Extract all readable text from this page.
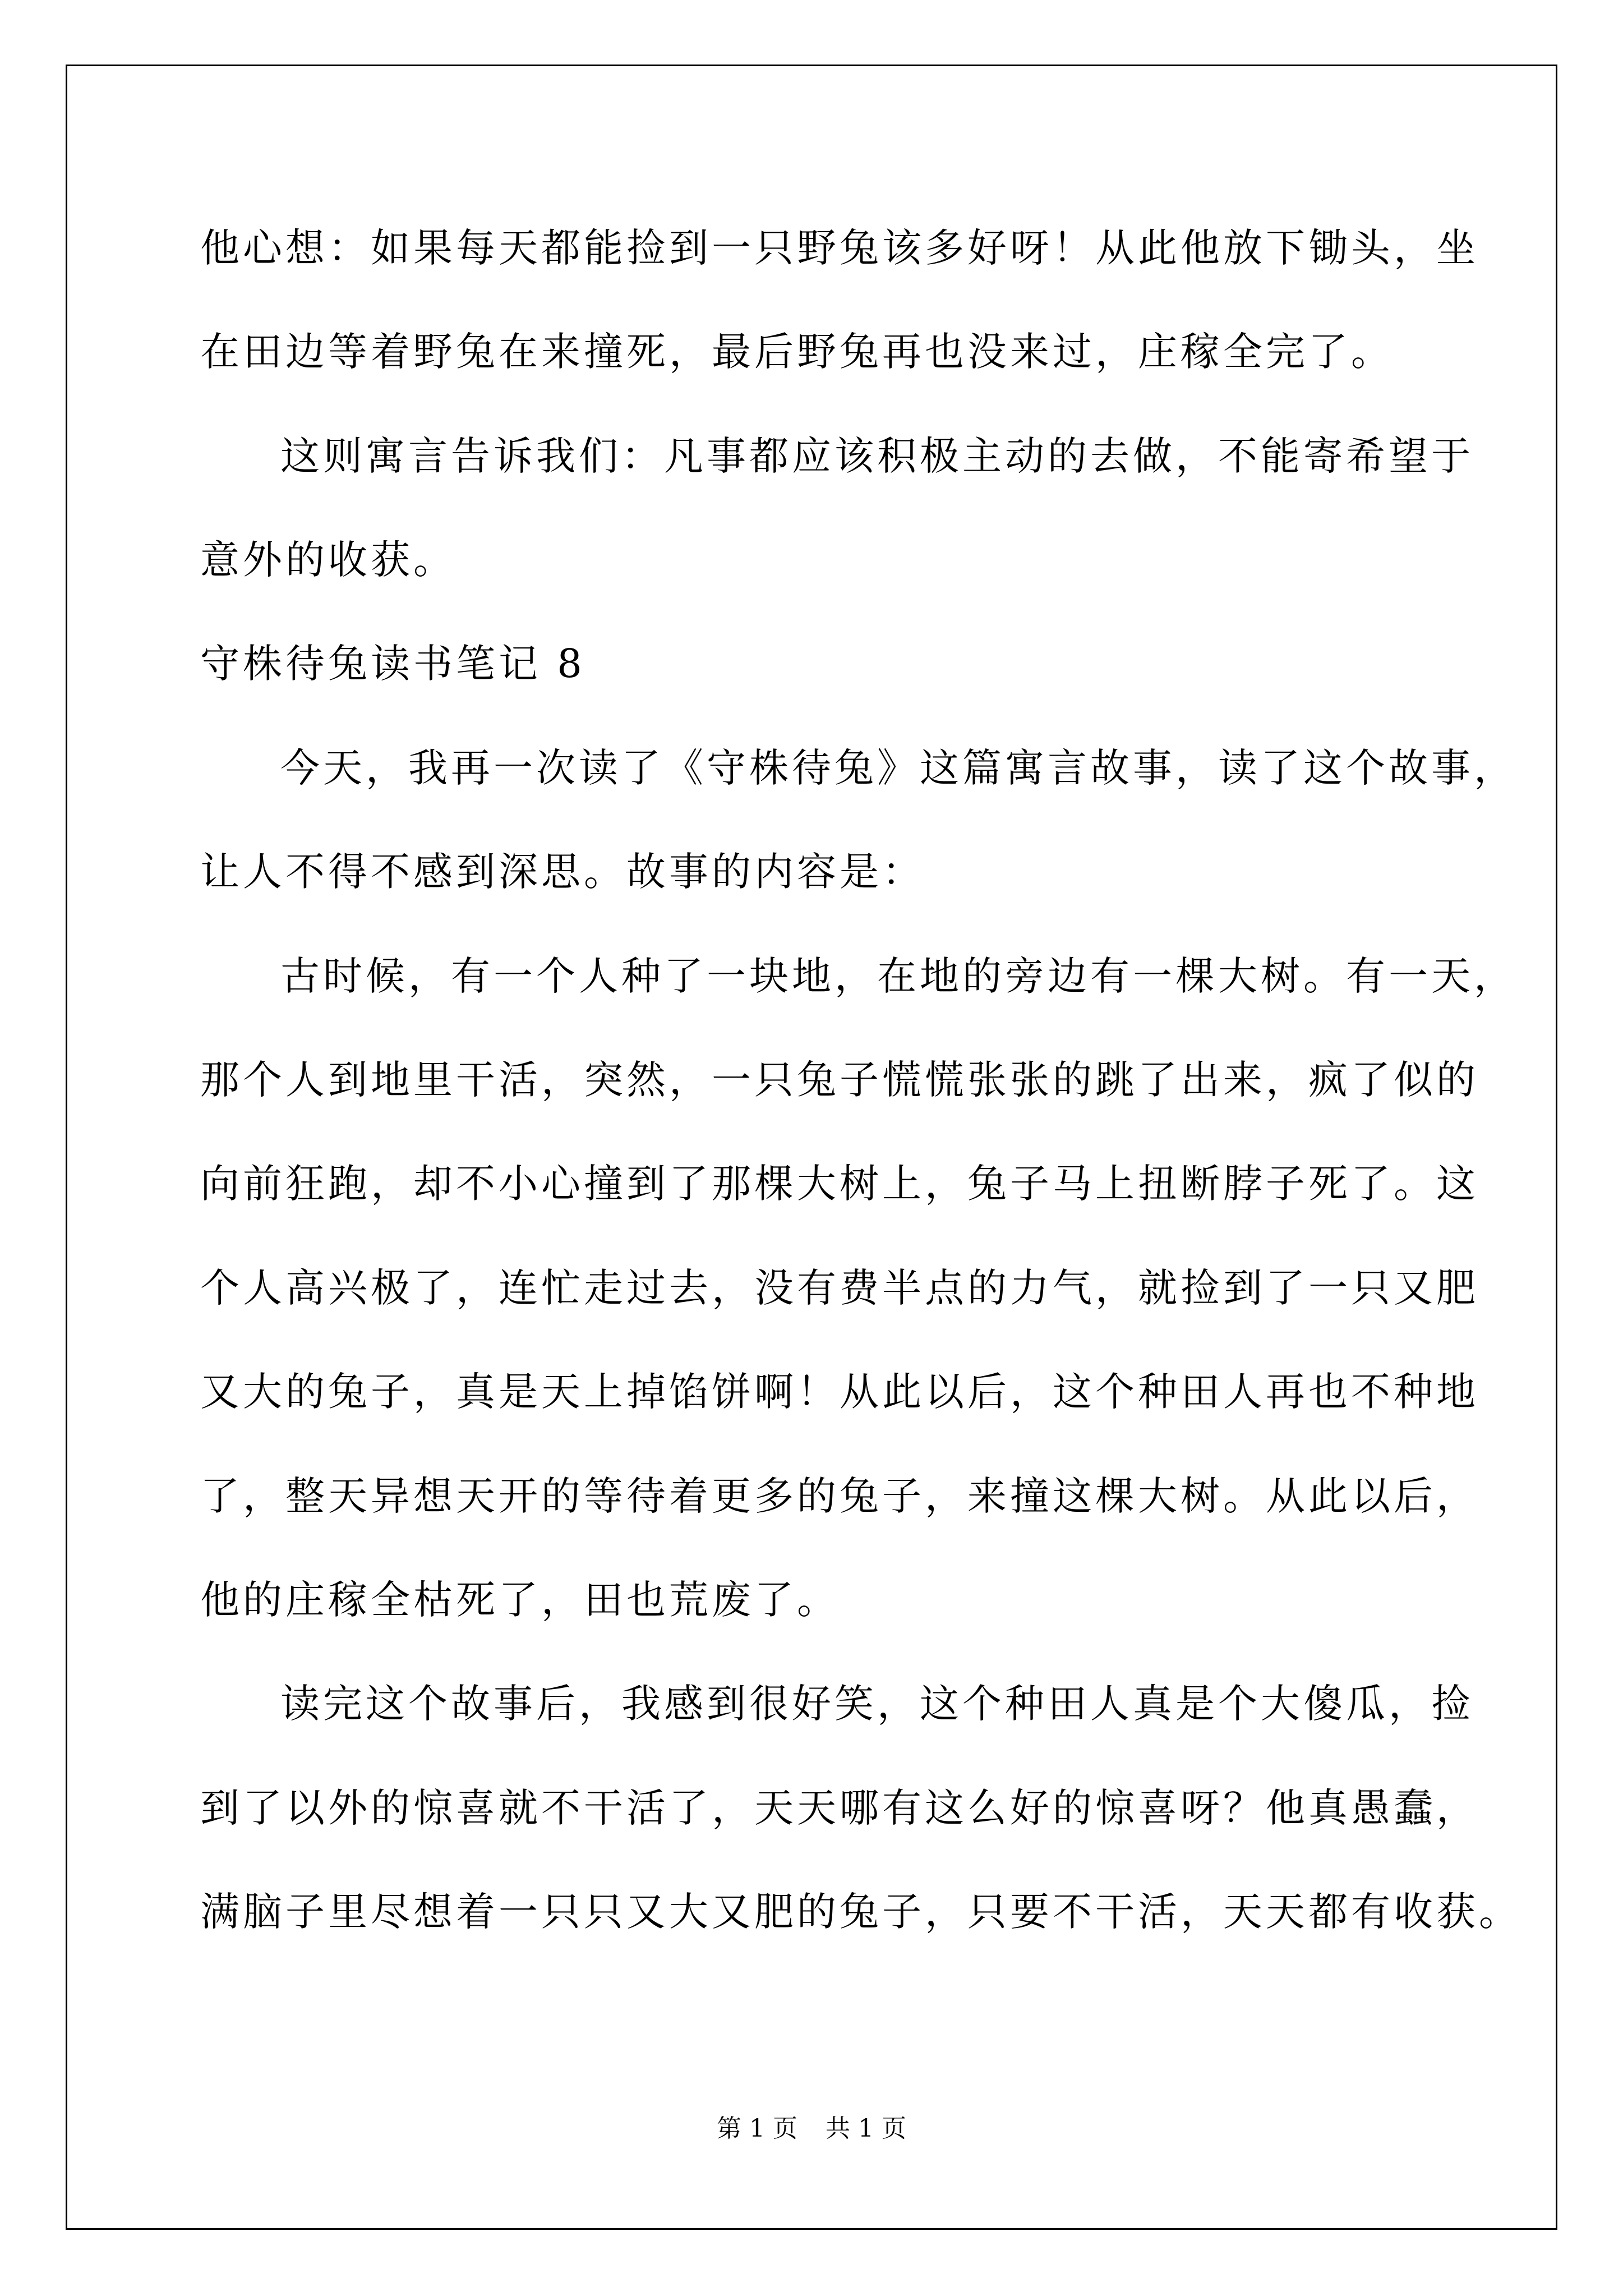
他心想：如果每天都能捡到一只野兔该多好呀！从此他放下锄头，坐
在田边等着野兔在来撞死，最后野兔再也没来过，庄稼全完了。
这则寓言告诉我们：凡事都应该积极主动的去做，不能寄希望于
意外的收获。
守株待兔读书笔记 8
今天，我再一次读了《守株待兔》这篇寓言故事，读了这个故事，
让人不得不感到深思。故事的内容是：
古时候，有一个人种了一块地，在地的旁边有一棵大树。有一天，
那个人到地里干活，突然，一只兔子慌慌张张的跳了出来，疯了似的
向前狂跑，却不小心撞到了那棵大树上，兔子马上扭断脖子死了。这
个人高兴极了，连忙走过去，没有费半点的力气，就捡到了一只又肥
又大的兔子，真是天上掉馅饼啊！从此以后，这个种田人再也不种地
了，整天异想天开的等待着更多的兔子，来撞这棵大树。从此以后，
他的庄稼全枯死了，田也荒废了。
读完这个故事后，我感到很好笑，这个种田人真是个大傻瓜，捡
到了以外的惊喜就不干活了，天天哪有这么好的惊喜呀？他真愚蠢，
满脑子里尽想着一只只又大又肥的兔子，只要不干活，天天都有收获。
第 1 页 共 1 页
